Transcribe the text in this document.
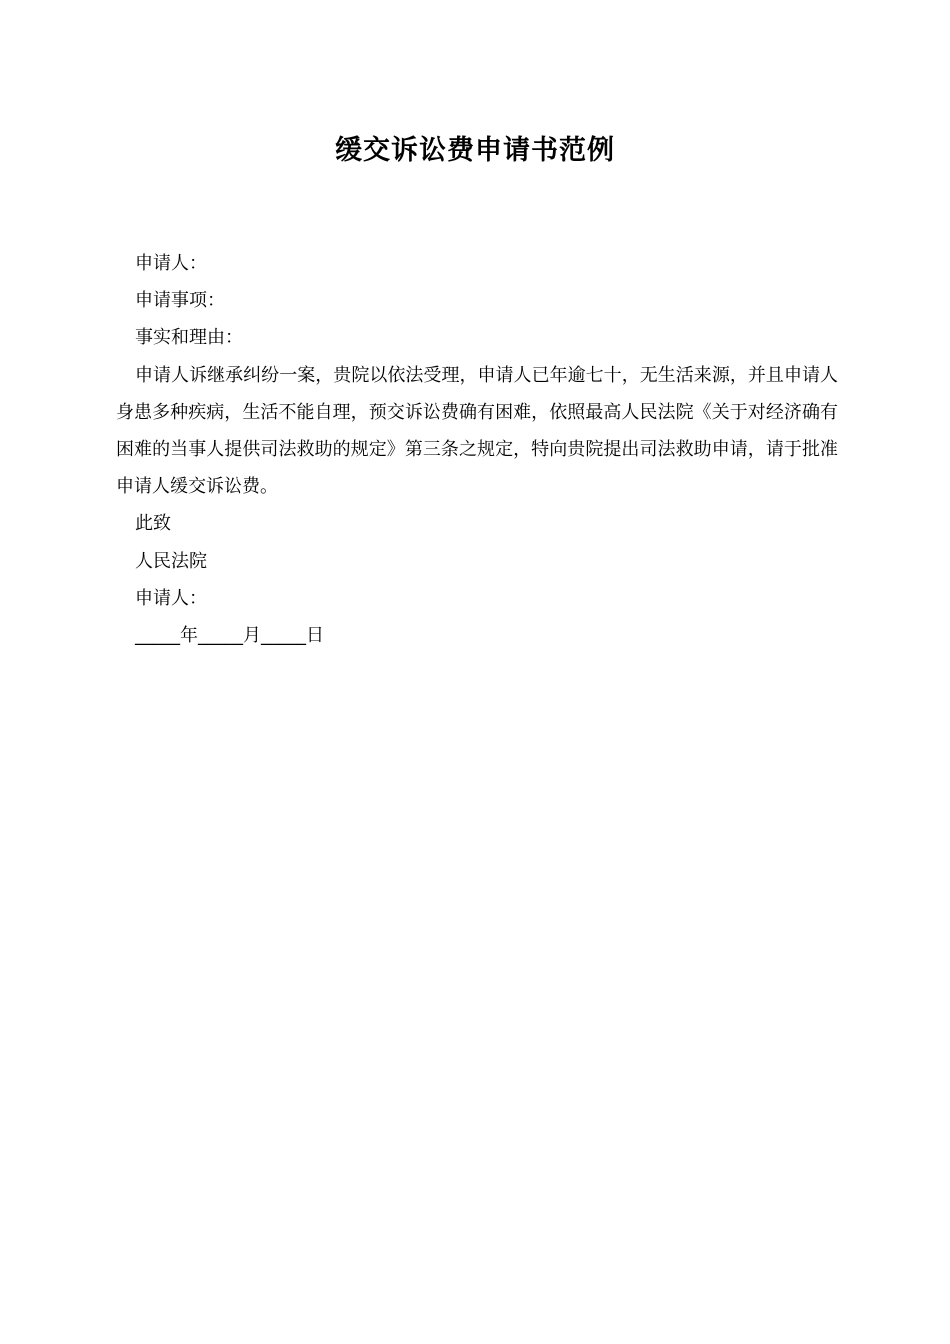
缓交诉讼费申请书范例

申请人：

申请事项：

事实和理由：

申请人诉继承纠纷一案，贵院以依法受理，申请人已年逾七十，无生活来源，并且申请人身患多种疾病，生活不能自理，预交诉讼费确有困难，依照最高人民法院《关于对经济确有困难的当事人提供司法救助的规定》第三条之规定，特向贵院提出司法救助申请，请于批准申请人缓交诉讼费。

此致

人民法院

申请人：

_____年_____月_____日
